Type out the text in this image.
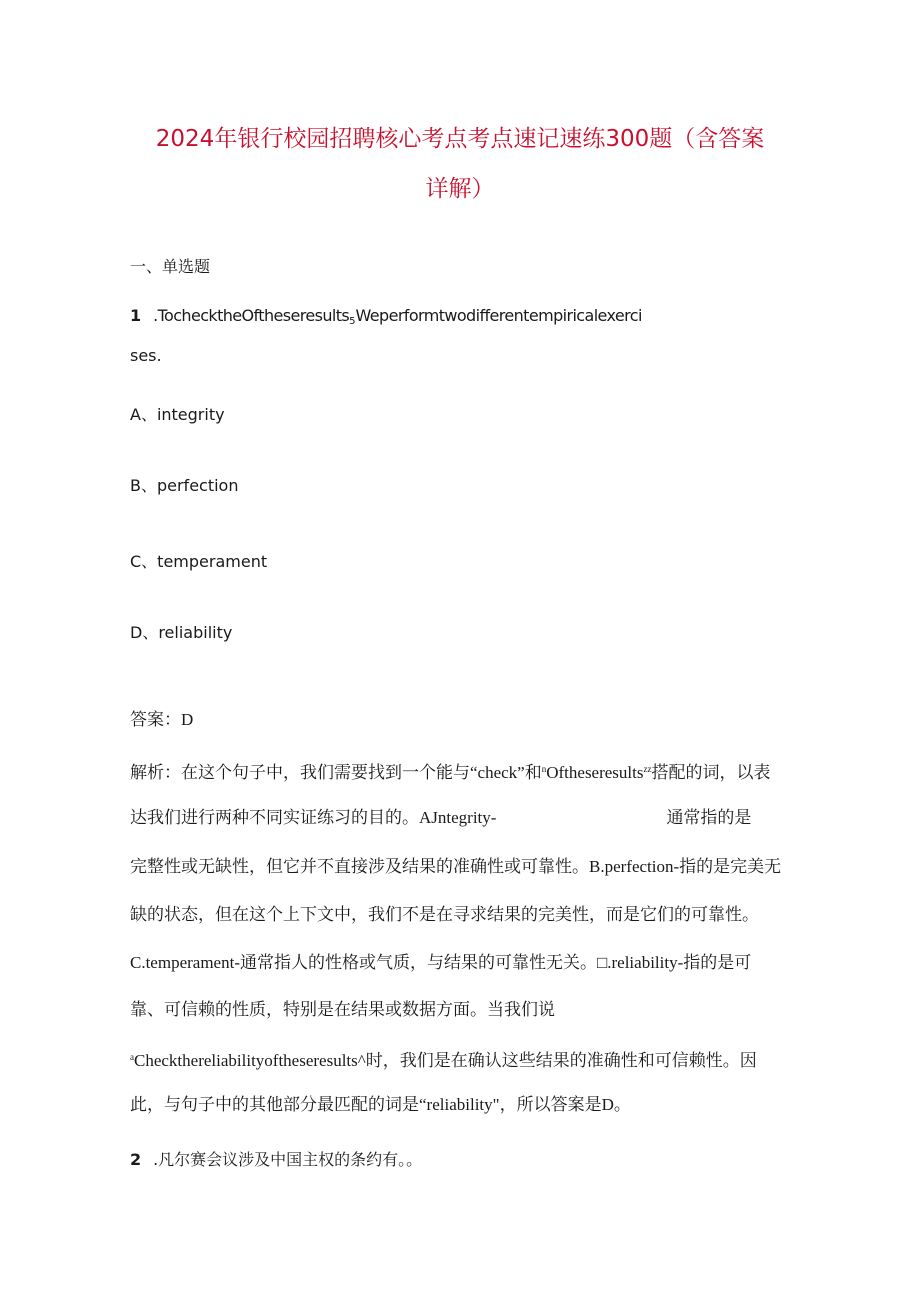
2024年银行校园招聘核心考点考点速记速练300题（含答案
详解）
一、单选题
1 .TochecktheOftheseresults$_5$Weperformtwodifferentempiricalexerci
ses.
A、integrity
B、perfection
C、temperament
D、reliability
答案：D
解析：在这个句子中，我们需要找到一个能与“check”和$^n$Oftheseresults$^{zz}$搭配的词，以表
达我们进行两种不同实证练习的目的。AJntegrity-	通常指的是
完整性或无缺性，但它并不直接涉及结果的准确性或可靠性。B.perfection-指的是完美无
缺的状态，但在这个上下文中，我们不是在寻求结果的完美性，而是它们的可靠性。
C.temperament-通常指人的性格或气质，与结果的可靠性无关。□.reliability-指的是可
靠、可信赖的性质，特别是在结果或数据方面。当我们说
$^a$Checkthereliabilityoftheseresults^时，我们是在确认这些结果的准确性和可信赖性。因
此，与句子中的其他部分最匹配的词是“reliability"，所以答案是D。
2 .凡尔赛会议涉及中国主权的条约有。。
